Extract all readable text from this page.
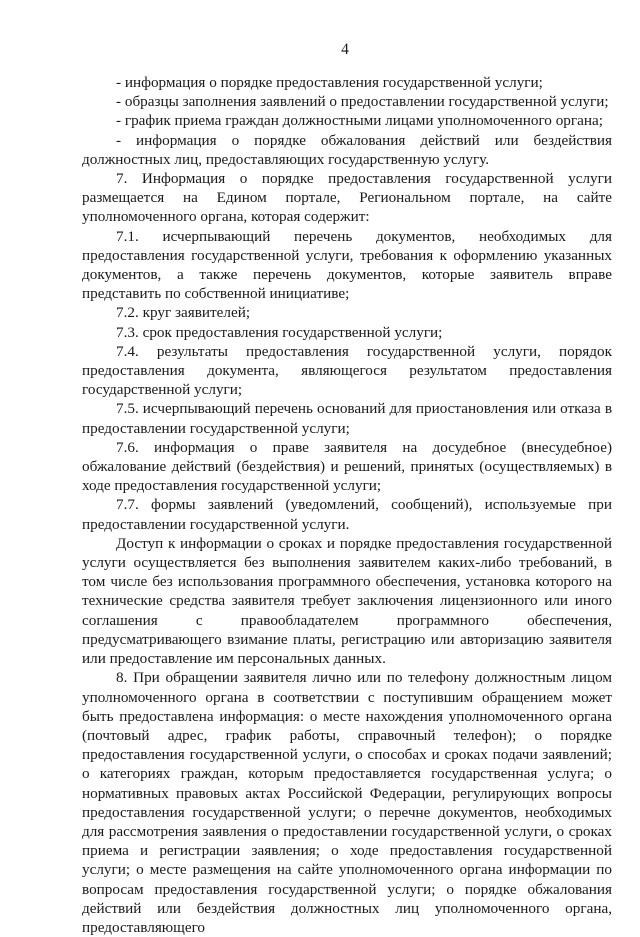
4

- информация о порядке предоставления государственной услуги;

- образцы заполнения заявлений о предоставлении государственной услуги;

- график приема граждан должностными лицами уполномоченного органа;

- информация о порядке обжалования действий или бездействия должностных лиц, предоставляющих государственную услугу.

7. Информация о порядке предоставления государственной услуги размещается на Едином портале, Региональном портале, на сайте уполномоченного органа, которая содержит:

7.1. исчерпывающий перечень документов, необходимых для предоставления государственной услуги, требования к оформлению указанных документов, а также перечень документов, которые заявитель вправе представить по собственной инициативе;

7.2. круг заявителей;

7.3. срок предоставления государственной услуги;

7.4. результаты предоставления государственной услуги, порядок предоставления документа, являющегося результатом предоставления государственной услуги;

7.5. исчерпывающий перечень оснований для приостановления или отказа в предоставлении государственной услуги;

7.6. информация о праве заявителя на досудебное (внесудебное) обжалование действий (бездействия) и решений, принятых (осуществляемых) в ходе предоставления государственной услуги;

7.7. формы заявлений (уведомлений, сообщений), используемые при предоставлении государственной услуги.

Доступ к информации о сроках и порядке предоставления государственной услуги осуществляется без выполнения заявителем каких-либо требований, в том числе без использования программного обеспечения, установка которого на технические средства заявителя требует заключения лицензионного или иного соглашения с правообладателем программного обеспечения, предусматривающего взимание платы, регистрацию или авторизацию заявителя или предоставление им персональных данных.

8. При обращении заявителя лично или по телефону должностным лицом уполномоченного органа в соответствии с поступившим обращением может быть предоставлена информация: о месте нахождения уполномоченного органа (почтовый адрес, график работы, справочный телефон); о порядке предоставления государственной услуги, о способах и сроках подачи заявлений; о категориях граждан, которым предоставляется государственная услуга; о нормативных правовых актах Российской Федерации, регулирующих вопросы предоставления государственной услуги; о перечне документов, необходимых для рассмотрения заявления о предоставлении государственной услуги, о сроках приема и регистрации заявления; о ходе предоставления государственной услуги; о месте размещения на сайте уполномоченного органа информации по вопросам предоставления государственной услуги; о порядке обжалования действий или бездействия должностных лиц уполномоченного органа, предоставляющего
